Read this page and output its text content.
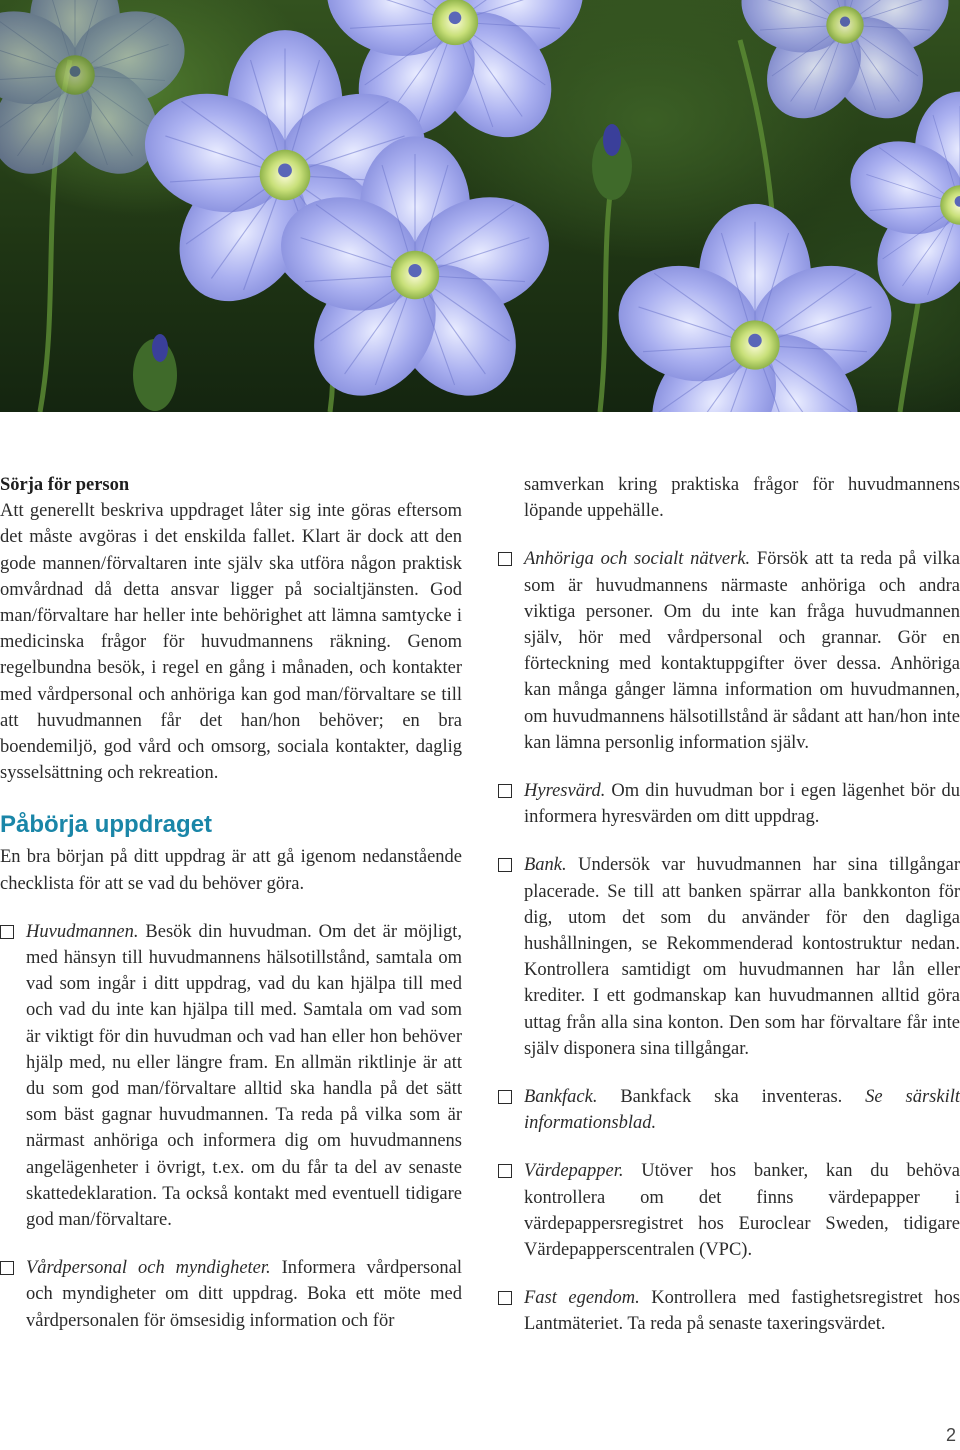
Sörja för person
Att generellt beskriva uppdraget låter sig inte göras eftersom det måste avgöras i det enskilda fallet. Klart är dock att den gode mannen/förvaltaren inte själv ska utföra någon praktisk omvårdnad då detta ansvar ligger på socialtjänsten. God man/förvaltare har heller inte behörighet att lämna samtycke i medicinska frågor för huvudmannens räkning. Genom regelbundna besök, i regel en gång i månaden, och kontakter med vårdpersonal och anhöriga kan god man/förvaltare se till att huvudmannen får det han/hon behöver; en bra boendemiljö, god vård och omsorg, sociala kontakter, daglig sysselsättning och rekreation.

Påbörja uppdraget

En bra början på ditt uppdrag är att gå igenom nedanstående checklista för att se vad du behöver göra.

Huvudmannen. Besök din huvudman. Om det är möjligt, med hänsyn till huvudmannens hälsotillstånd, samtala om vad som ingår i ditt uppdrag, vad du kan hjälpa till med och vad du inte kan hjälpa till med. Samtala om vad som är viktigt för din huvudman och vad han eller hon behöver hjälp med, nu eller längre fram. En allmän riktlinje är att du som god man/förvaltare alltid ska handla på det sätt som bäst gagnar huvudmannen. Ta reda på vilka som är närmast anhöriga och informera dig om huvudmannens angelägenheter i övrigt, t.ex. om du får ta del av senaste skattedeklaration. Ta också kontakt med eventuell tidigare god man/förvaltare.

Vårdpersonal och myndigheter. Informera vårdpersonal och myndigheter om ditt uppdrag. Boka ett möte med vårdpersonalen för ömsesidig information och för

samverkan kring praktiska frågor för huvudmannens löpande uppehälle.

Anhöriga och socialt nätverk. Försök att ta reda på vilka som är huvudmannens närmaste anhöriga och andra viktiga personer. Om du inte kan fråga huvudmannen själv, hör med vårdpersonal och grannar. Gör en förteckning med kontaktuppgifter över dessa. Anhöriga kan många gånger lämna information om huvudmannen, om huvudmannens hälsotillstånd är sådant att han/hon inte kan lämna personlig information själv.

Hyresvärd. Om din huvudman bor i egen lägenhet bör du informera hyresvärden om ditt uppdrag.

Bank. Undersök var huvudmannen har sina tillgångar placerade. Se till att banken spärrar alla bankkonton för dig, utom det som du använder för den dagliga hushållningen, se Rekommenderad kontostruktur nedan. Kontrollera samtidigt om huvudmannen har lån eller krediter. I ett godmanskap kan huvudmannen alltid göra uttag från alla sina konton. Den som har förvaltare får inte själv disponera sina tillgångar.

Bankfack. Bankfack ska inventeras. Se särskilt informationsblad.

Värdepapper. Utöver hos banker, kan du behöva kontrollera om det finns värdepapper i värdepappersregistret hos Euroclear Sweden, tidigare Värdepapperscentralen (VPC).

Fast egendom. Kontrollera med fastighetsregistret hos Lantmäteriet. Ta reda på senaste taxeringsvärdet.

2
